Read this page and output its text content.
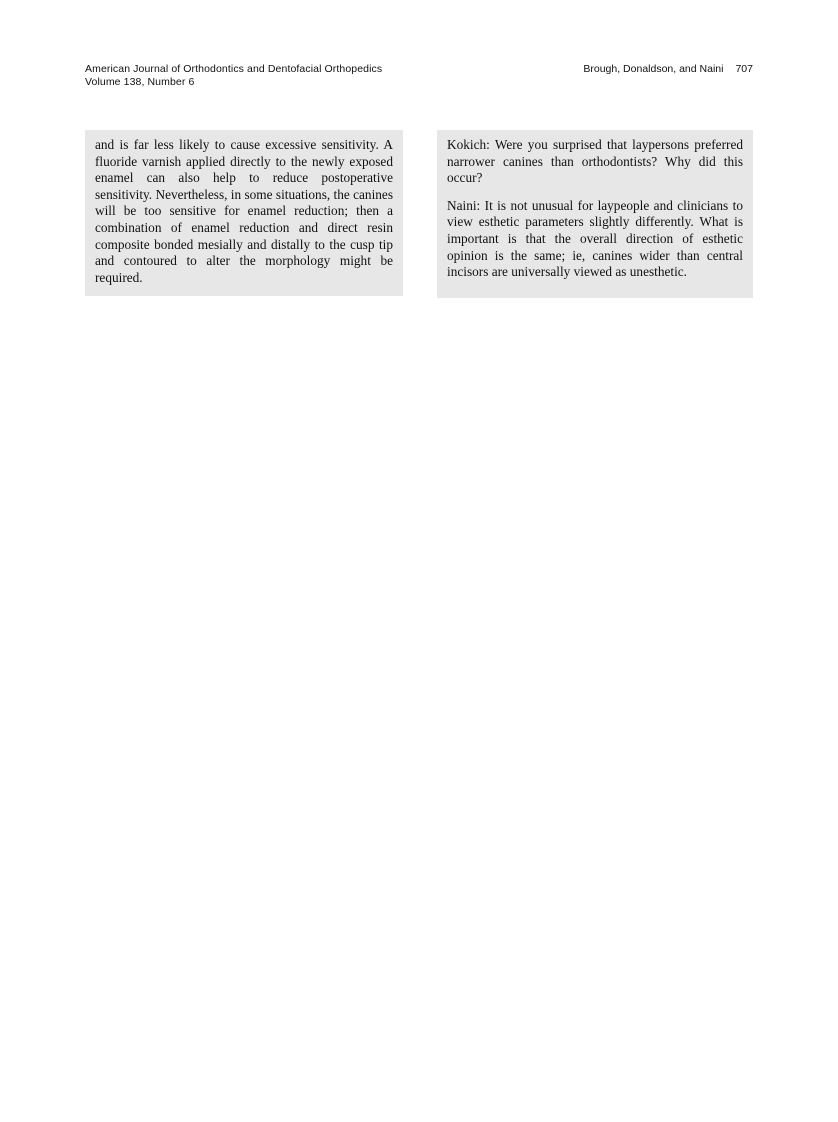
American Journal of Orthodontics and Dentofacial Orthopedics
Volume 138, Number 6
Brough, Donaldson, and Naini 707

and is far less likely to cause excessive sensitivity. A fluoride varnish applied directly to the newly exposed enamel can also help to reduce postoperative sensitivity. Nevertheless, in some situations, the canines will be too sensitive for enamel reduction; then a combination of enamel reduction and direct resin composite bonded mesially and distally to the cusp tip and contoured to alter the morphology might be required.

Kokich: Were you surprised that laypersons preferred narrower canines than orthodontists? Why did this occur?

Naini: It is not unusual for laypeople and clinicians to view esthetic parameters slightly differently. What is important is that the overall direction of esthetic opinion is the same; ie, canines wider than central incisors are universally viewed as unesthetic.
